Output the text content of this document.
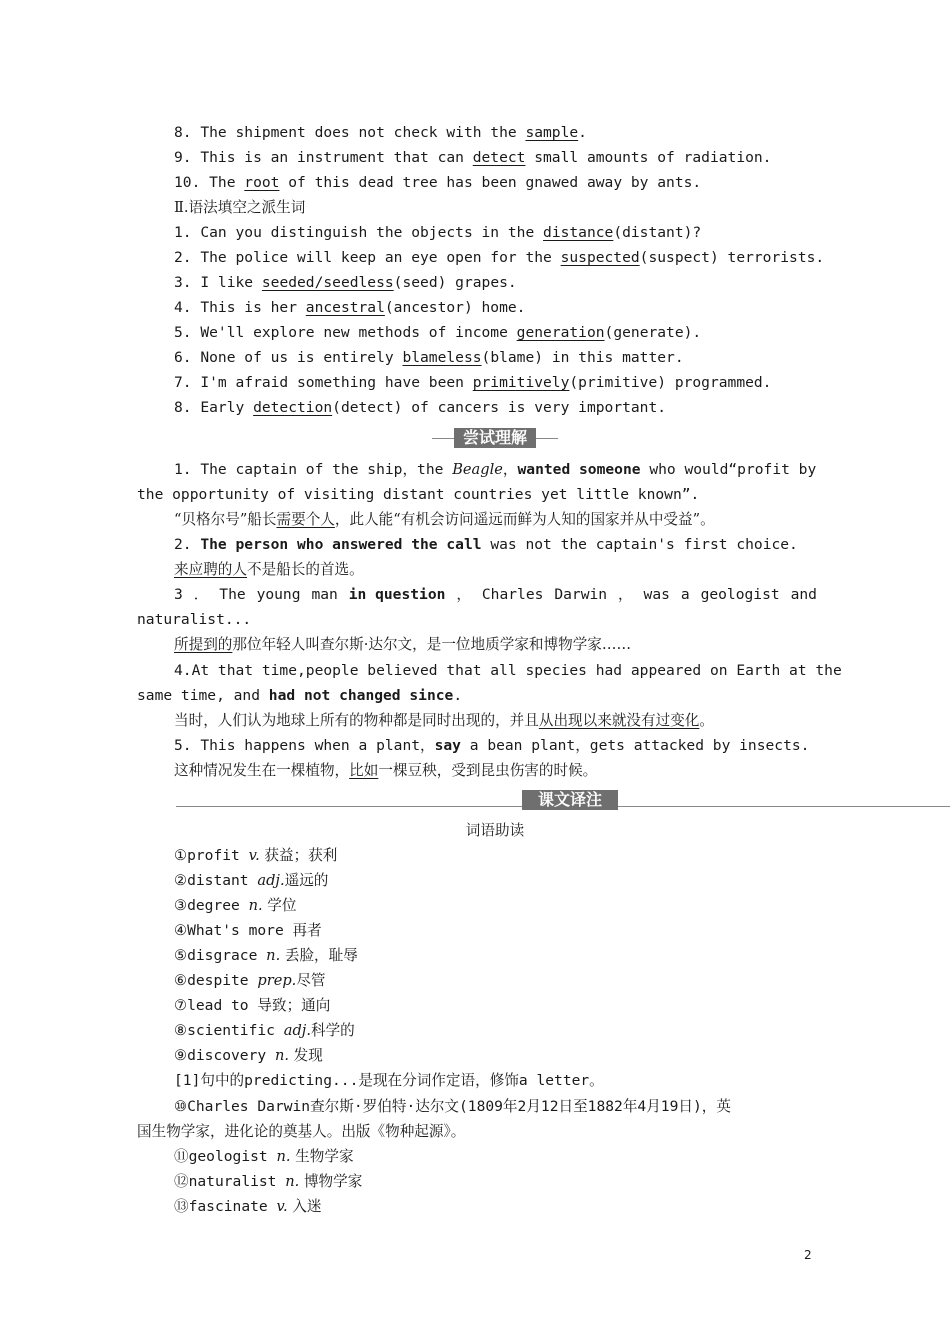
8. The shipment does not check with the sample.
9. This is an instrument that can detect small amounts of radiation.
10. The root of this dead tree has been gnawed away by ants.
Ⅱ.语法填空之派生词
1. Can you distinguish the objects in the distance(distant)?
2. The police will keep an eye open for the suspected(suspect) terrorists.
3. I like seeded/seedless(seed) grapes.
4. This is her ancestral(ancestor) home.
5. We'll explore new methods of income generation(generate).
6. None of us is entirely blameless(blame) in this matter.
7. I'm afraid something have been primitively(primitive) programmed.
8. Early detection(detect) of cancers is very important.
尝试理解
1. The captain of the ship，the Beagle，wanted someone who would“profit by
the opportunity of visiting distant countries yet little known”.
“贝格尔号”船长需要个人，此人能“有机会访问遥远而鲜为人知的国家并从中受益”。
2. The person who answered the call was not the captain's first choice.
来应聘的人不是船长的首选。
3 ． The young man in question ， Charles Darwin ， was a geologist and
naturalist...
所提到的那位年轻人叫查尔斯·达尔文，是一位地质学家和博物学家……
4.At that time,people believed that all species had appeared on Earth at the
same time, and had not changed since.
当时，人们认为地球上所有的物种都是同时出现的，并且从出现以来就没有过变化。
5. This happens when a plant，say a bean plant，gets attacked by insects.
这种情况发生在一棵植物，比如一棵豆秧，受到昆虫伤害的时候。
课文译注
词语助读
①profit v. 获益；获利
②distant adj.遥远的
③degree n. 学位
④What's more 再者
⑤disgrace n. 丢脸，耻辱
⑥despite prep.尽管
⑦lead to 导致；通向
⑧scientific adj.科学的
⑨discovery n. 发现
[1]句中的predicting...是现在分词作定语，修饰a letter。
⑩Charles Darwin查尔斯·罗伯特·达尔文(1809年2月12日至1882年4月19日)，英
国生物学家，进化论的奠基人。出版《物种起源》。
⑪geologist n. 生物学家
⑫naturalist n. 博物学家
⑬fascinate v. 入迷
2
